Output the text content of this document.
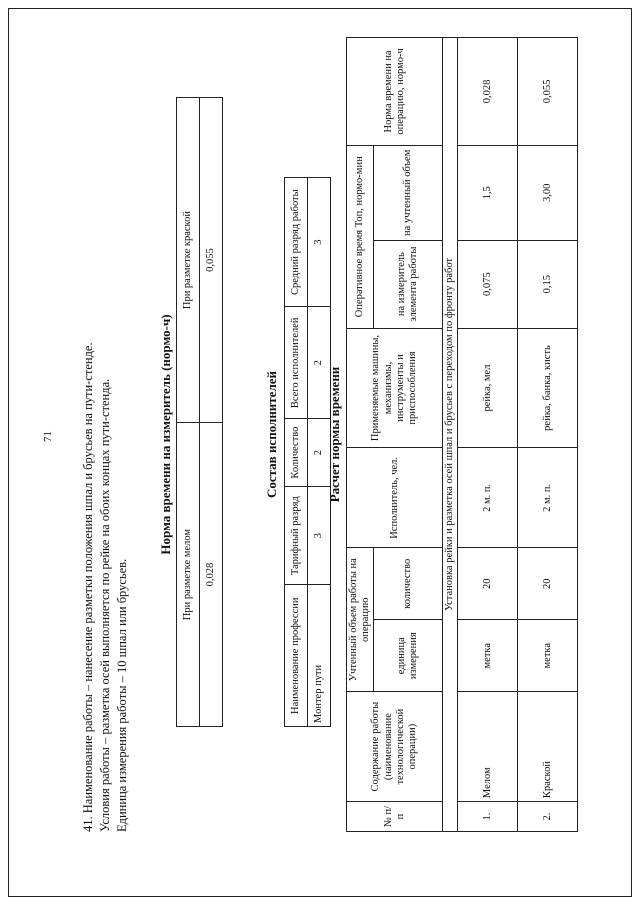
71 41. Наименование работы – нанесение разметки положения шпал и брусьев на пути-стенде. Условия работы – разметка осей выполняется по рейке на обоих концах пути-стенда. Единица измерения работы – 10 шпал или брусьев.
Норма времени на измеритель (нормо-ч)
При разметке мелом	При разметке краской
0,028	0,055
Состав исполнителей
Наименование профессии	Тарифный разряд	Количество	Всего исполнителей	Средний разряд работы
Монтер пути	3	2	2	3
Расчет нормы времени
№ п/п	Содержание работы (наименование технологической операции)	Учтенный объем работы на операцию		Исполнитель, чел.	Применяемые машины, механизмы, инструменты и приспособления	Оперативное время Топ, нормо-мин		Норма времени на операцию, нормо-ч
		единица измерения	количество			на измеритель элемента работы	на учтенный объем	
Установка рейки и разметка осей шпал и брусьев с переходом по фронту работ								
1.	Мелом	метка	20	2 м. п.	рейка, мел	0,075	1,5	0,028
2.	Краской	метка	20	2 м. п.	рейка, банка, кисть	0,15	3,00	0,055
